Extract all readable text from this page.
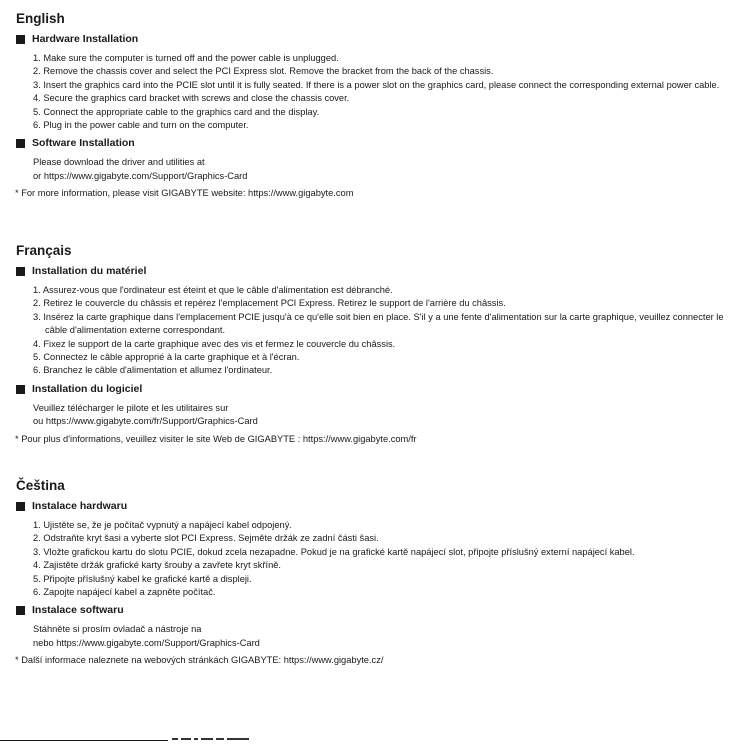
English
Hardware Installation
1. Make sure the computer is turned off and the power cable is unplugged.
2. Remove the chassis cover and select the PCI Express slot. Remove the bracket from the back of the chassis.
3. Insert the graphics card into the PCIE slot until it is fully seated. If there is a power slot on the graphics card, please connect the corresponding external power cable.
4. Secure the graphics card bracket with screws and close the chassis cover.
5. Connect the appropriate cable to the graphics card and the display.
6. Plug in the power cable and turn on the computer.
Software Installation
Please download the driver and utilities at
or https://www.gigabyte.com/Support/Graphics-Card
* For more information, please visit GIGABYTE website: https://www.gigabyte.com
Français
Installation du matériel
1. Assurez-vous que l'ordinateur est éteint et que le câble d'alimentation est débranché.
2. Retirez le couvercle du châssis et repérez l'emplacement PCI Express. Retirez le support de l'arrière du châssis.
3. Insérez la carte graphique dans l'emplacement PCIE jusqu'à ce qu'elle soit bien en place. S'il y a une fente d'alimentation sur la carte graphique, veuillez connecter le câble d'alimentation externe correspondant.
4. Fixez le support de la carte graphique avec des vis et fermez le couvercle du châssis.
5. Connectez le câble approprié à la carte graphique et à l'écran.
6. Branchez le câble d'alimentation et allumez l'ordinateur.
Installation du logiciel
Veuillez télécharger le pilote et les utilitaires sur
ou https://www.gigabyte.com/fr/Support/Graphics-Card
* Pour plus d'informations, veuillez visiter le site Web de GIGABYTE : https://www.gigabyte.com/fr
Čeština
Instalace hardwaru
1. Ujistěte se, že je počítač vypnutý a napájecí kabel odpojený.
2. Odstraňte kryt šasi a vyberte slot PCI Express. Sejměte držák ze zadní části šasi.
3. Vložte grafickou kartu do slotu PCIE, dokud zcela nezapadne. Pokud je na grafické kartě napájecí slot, připojte příslušný externí napájecí kabel.
4. Zajistěte držák grafické karty šrouby a zavřete kryt skříně.
5. Připojte příslušný kabel ke grafické kartě a displeji.
6. Zapojte napájecí kabel a zapněte počítač.
Instalace softwaru
Stáhněte si prosím ovladač a nástroje na
nebo https://www.gigabyte.com/Support/Graphics-Card
* Další informace naleznete na webových stránkách GIGABYTE: https://www.gigabyte.cz/
